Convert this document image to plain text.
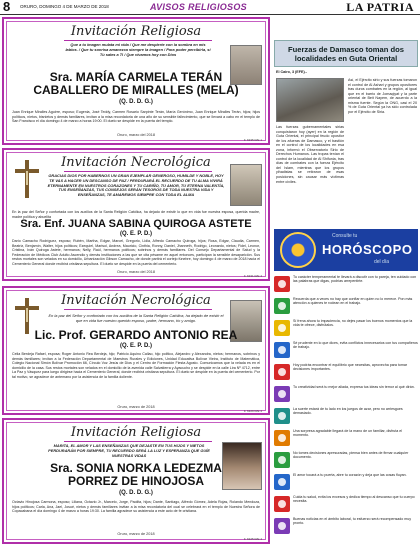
8 ORURO, DOMINGO 4 DE MARZO DE 2018	AVISOS RELIGIOSOS	LA PATRIA
Invitación Religiosa
Que a tu imagen mulata mi vida / Que me despierte con la sombra en mis labios. / Que tu sonrisa amanezca siempre la imagen / Para poder percibirla, si Tú sales a Ti / Que vivamos hoy con Dios
Sra. MARÍA CARMELA TERÁN
CABALLERO DE MIRALLES (MELA)
(Q. D. D. G.)
Juan Enrique Miralles Aguirre, esposo; Eugenia, José Teddy, Carmen Rosario Sarpinte Terán, María Gerónimo, Juan Enrique Miralles Terán, hijos; hijos políticos, nietos, bisnietos y demás familiares, invitan a la misa recordatoria de una año de su sensible fallecimiento, que se llevará a cabo en el templo de San Francisco el día domingo 4 de marzo a horas 19:00. El duelo se despide en la puerta del templo.
Oruro, marzo del 2018
F. 6335 R/E 1
Invitación Necrológica
GRACIAS DIOS POR HABERNOS UN GRAN EJEMPLAR GENEROSO, HUMILDE Y NOBLE, HOY TE VAS A HACER UN DESCANSO DE PAZ / PERDURARÁ EL RECUERDO DE TU ALMA VIVIRÁ ETERNAMENTE EN NUESTROS CORAZONES Y TU CARIÑO, TU AMOR, TU ETERNA VALENTÍA, TUS ENSEÑANZAS, TUS CONSEJOS SERÁN TESOROS DE TODA NUESTRA VIDA Y ENSEÑANZAS, TE AMAREMOS SIEMPRE CON TODA EL ALMA
En la paz del Señor y confortada con los auxilios de la Santa Religión Católica, ha dejado de existir lo que en vida fue nuestra esposa, querida madre, madre política y abuelita
Sra. Enf. JUANA SABINA QUIROGA ASTETE
(Q. E. P. D.)
Darío Camacho Rodríguez, esposo; Rubén, Martha, Edgar, Marcel, Gregorio, Lidia, Alfredo Camacho Quiroga, hijos; Rosa, Edgar, Claudia, Carmen, Beatriz, Benjamín, Walter, hijos políticos; Ezequiel, Marisol, Andrea, Mauricio, Cinthia, Ronny, Daniel, Jhanneth, Rodrigo, Leonardo, nietos; Fidel, Leonor, Cristina, Iván Quiroga Astete, hermanos; Nelly, Raúl, hermanos políticos; sobrinos y demás familiares. Del Consejo Departamental de Salud y la Federación de Médicos Club Adulto Ascendio y demás instituciones a las que se cita pésame en aquel entonces, participan la sensible desaparición. Sus restos mortales son velados en su domicilio, Urbanización Gibson Camacho, de donde partirá el cortejo fúnebre, hoy domingo 4 de marzo de 2018 hacia el Cementerio General donde recibirá cristiana sepultura. El duelo se despide en la puerta del cementerio.
Oruro, marzo del 2018
F. 6331 R/E 4
Invitación Necrológica
En la paz del Señor y confortado con los auxilios de la Santa Religión Católica, ha dejado de existir el que en vida fue nuestro querido esposo, padre, hermano, tío y amigo.
Lic. Prof. GERARDO ANTONIO REA
(Q. E. P. D.)
Celia Berdeja Rafael, esposa; Roger Antonio Rea Berdeja, hijo; Patricio Aquino Callao, hijo político, Alejandro y Alexandra, nietos; hermanos, sobrinos y demás familiares; invitan a la Federación Departamental de Maestros Rurales y Ediciones, Unidad Educativa Bolívar Vieira, Instituto de Matemática, Colegio Nacional Simón Bolívar Promoción 66, Círculo Voz Jesús de Dios y el Centro de Formación Fiesta Agosto. Comunicamos que la velada es en el domicilio de la casa. Sus restos mortales son velados en el domicilio de la avenida calle Salvatierra y Ayacucho y se despide en la calle Lira Nº 4712, entre La Paz y Vásquez para luego dirigirse hacia el Cementerio General, donde recibirá cristiana sepultura. El duelo se despide en la puerta del cementerio. Por tal motivo, se agradece de antemano por la asistencia de la familia doliente.
Oruro, marzo de 2018
F. 6329 R/E 4
Invitación Religiosa
MARITA, EL AMOR Y LAS ENSEÑANZAS QUE DEJASTE EN TUS HIJOS Y NIETOS PERDURARÁN POR SIEMPRE, TU RECUERDO SERÁ LA LUZ Y ESPERANZA QUE GUÍE NUESTRAS VIDAS
Sra. SONIA NORKA LEDEZMA
PORREZ DE HINOJOSA
(Q. D. D. G.)
Octavio Hinojosa Carmona, esposo; Liliana, Octavio Jr., Marcelo, Jorge, Paolita, hijos; Dante, Santiago, Alfredo Gómez, Adela Rojas, Rolando Mendoza, hijos políticos; Carla, Ana, Jael, Josué, nietos y demás familiares invitan a la misa recordatoria del cual se celebrará en el templo de Nuestra Señora de Copacabana el día domingo 4 de marzo a horas 19:30. La familia agradece su asistencia a este acto de fe cristiana.
Oruro, marzo de 2018
F. 6325 R/E 4
Fuerzas de Damasco toman dos localidades en Guta Oriental
El Cairo, 3 (EFE).-
Las fuerzas gubernamentales sirias conquistaron hoy (ayer) en la región de Guta Oriental, el principal feudo opositor de los afueras de Damasco, y el bastión en el control de los localidades en esa zona, informó el Observatorio Sirio de Derechos Humanos. Las tropas tenían el control de la localidad de Al Shifunia, tras días de combates con la fuerza Ejército del Islam, mientras que los grupos yihadistas se retiraron de esas posiciones, sin causar más víctimas entre civiles.
Así, el Ejército sirio y sus fuerzas tomaron el control de Al Ashari y grupos opositores tras duros combates en la región, al igual que en el barrio de Jomaqiyat y la parte oriental de Beit Nayem, de acuerdo a la misma fuente. Según la ONG, casi el 20 % de Guta Oriental ya ha sido controlada por el Ejército de Siria.
Consulte tu
HORÓSCOPO
del día
Tu carácter temperamental te llevará a discutir con tu pareja, ten cuidado con las palabras que digas, podrías arrepentirte.
Recuerda que a veces no hay que confiar en quien no lo merece. Pon más atención a quienes te rodean en el trabajo.
Sí frena ahora tu impaciencia, no dejes pasar los buenos momentos que la vida te ofrece, disfrútalos.
Sé prudente en lo que dices, evita conflictos innecesarios con tus compañeros de trabajo.
Hoy podrás encontrar el equilibrio que necesitas, aprovecha para tomar decisiones importantes.
Tu creatividad será tu mejor aliada, expresa tus ideas sin temor al qué dirán.
La suerte estará de tu lado en los juegos de azar, pero no arriesgues demasiado.
Una sorpresa agradable llegará de la mano de un familiar, disfruta el momento.
No tomes decisiones apresuradas, piensa bien antes de firmar cualquier documento.
El amor tocará a tu puerta, abre tu corazón y deja que las cosas fluyan.
Cuida tu salud, evita los excesos y dedica tiempo al descanso que tu cuerpo necesita.
Buenas noticias en el ámbito laboral, tu esfuerzo será recompensado muy pronto.
